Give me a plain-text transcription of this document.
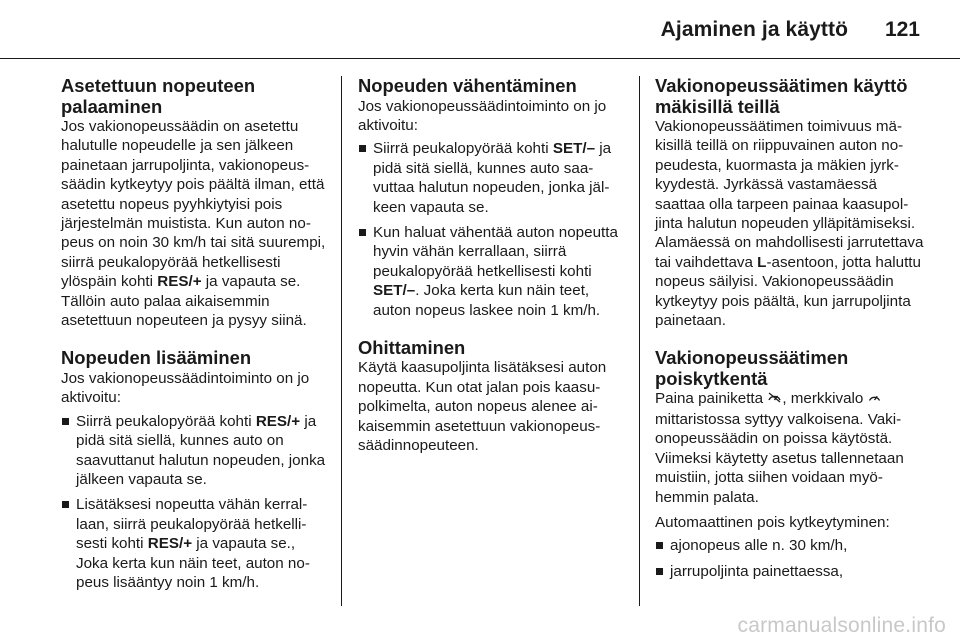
Ajaminen ja käyttö 121
Asetettuun nopeuteen palaaminen

Jos vakionopeussäädin on asetettu halutulle nopeudelle ja sen jälkeen painetaan jarrupoljinta, vakionopeussäädin kytkeytyy pois päältä ilman, että asetettu nopeus pyyhkiytyisi pois järjestelmän muistista. Kun auton nopeus on noin 30 km/h tai sitä suurempi, siirrä peukalopyörää hetkellisesti ylöspäin kohti RES/+ ja vapauta se. Tällöin auto palaa aikaisemmin asetettuun nopeuteen ja pysyy siinä.

Nopeuden lisääminen

Jos vakionopeussäädintoiminto on jo aktivoitu:

Siirrä peukalopyörää kohti RES/+ ja pidä sitä siellä, kunnes auto on saavuttanut halutun nopeuden, jonka jälkeen vapauta se.
Lisätäksesi nopeutta vähän kerrallaan, siirrä peukalopyörää hetkellisesti kohti RES/+ ja vapauta se., Joka kerta kun näin teet, auton nopeus lisääntyy noin 1 km/h.
Nopeuden vähentäminen

Jos vakionopeussäädintoiminto on jo aktivoitu:

Siirrä peukalopyörää kohti SET/– ja pidä sitä siellä, kunnes auto saavuttaa halutun nopeuden, jonka jälkeen vapauta se.
Kun haluat vähentää auton nopeutta hyvin vähän kerrallaan, siirrä peukalopyörää hetkellisesti kohti SET/–. Joka kerta kun näin teet, auton nopeus laskee noin 1 km/h.
Ohittaminen

Käytä kaasupoljinta lisätäksesi auton nopeutta. Kun otat jalan pois kaasupolkimelta, auton nopeus alenee aikaisemmin asetettuun vakionopeussäädinnopeuteen.

Vakionopeussäätimen käyttö mäkisillä teillä

Vakionopeussäätimen toimivuus mäkisillä teillä on riippuvainen auton nopeudesta, kuormasta ja mäkien jyrkkyydestä. Jyrkässä vastamäessä saattaa olla tarpeen painaa kaasupoljinta halutun nopeuden ylläpitämiseksi. Alamäessä on mahdollisesti jarrutettava tai vaihdettava L-asentoon, jotta haluttu nopeus säilyisi. Vakionopeussäädin kytkeytyy pois päältä, kun jarrupoljinta painetaan.

Vakionopeussäätimen poiskytkentä

Paina painiketta , merkkivalo  mittaristossa syttyy valkoisena. Vakionopeussäädin on poissa käytöstä. Viimeksi käytetty asetus tallennetaan muistiin, jotta siihen voidaan myöhemmin palata.

Automaattinen pois kytkeytyminen:

ajonopeus alle n. 30 km/h,
jarrupoljinta painettaessa,
carmanualsonline.info
